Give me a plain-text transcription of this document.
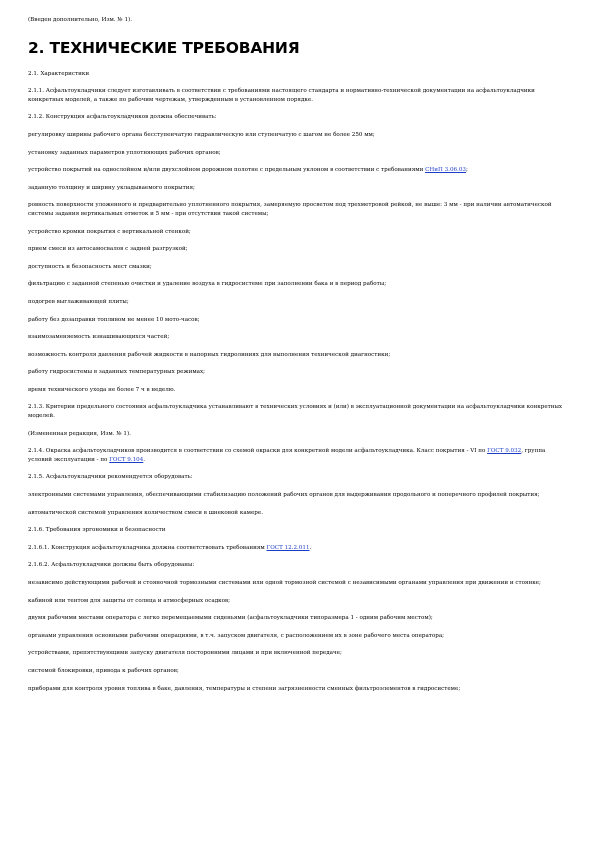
(Введен дополнительно, Изм. № 1).

2. ТЕХНИЧЕСКИЕ ТРЕБОВАНИЯ

2.1. Характеристики

2.1.1. Асфальтоукладчики следует изготавливать в соответствии с требованиями настоящего стандарта и нормативно-технической документации на асфальтоукладчики конкретных моделей, а также по рабочим чертежам, утвержденным в установленном порядке.

2.1.2. Конструкция асфальтоукладчиков должна обеспечивать:

регулировку ширины рабочего органа бесступенчатую гидравлическую или ступенчатую с шагом не более 250 мм;

установку заданных параметров уплотняющих рабочих органов;

устройство покрытий на однослойном и/или двухслойном дорожном полотне с предельным уклоном в соответствии с требованиями СНиП 3.06.03;

заданную толщину и ширину укладываемого покрытия;

ровность поверхности уложенного и предварительно уплотненного покрытия, замеряемую просветом под трехметровой рейкой, не выше: 3 мм - при наличии автоматической системы задания вертикальных отметок и 5 мм - при отсутствии такой системы;

устройство кромки покрытия с вертикальной стенкой;

прием смеси из автосамосвалов с задней разгрузкой;

доступность и безопасность мест смазки;

фильтрацию с заданной степенью очистки и удаление воздуха в гидросистеме при заполнении бака и в период работы;

подогрев выглаживающей плиты;

работу без дозаправки топливом не менее 10 мото-часов;

взаимозаменяемость изнашивающихся частей;

возможность контроля давления рабочей жидкости в напорных гидролиниях для выполнения технической диагностики;

работу гидросистемы в заданных температурных режимах;

время технического ухода не более 7 ч в неделю.

2.1.3. Критерии предельного состояния асфальтоукладчика устанавливают в технических условиях и (или) в эксплуатационной документации на асфальтоукладчики конкретных моделей.

(Измененная редакция, Изм. № 1).

2.1.4. Окраска асфальтоукладчиков производится в соответствии со схемой окраски для конкретной модели асфальтоукладчика. Класс покрытия - VI по ГОСТ 9.032, группа условий эксплуатации - по ГОСТ 9.104.

2.1.5. Асфальтоукладчики рекомендуется оборудовать:

электронными системами управления, обеспечивающими стабилизацию положений рабочих органов для выдерживания продольного и поперечного профилей покрытия;

автоматической системой управления количеством смеси в шнековой камере.

2.1.6. Требования эргономики и безопасности

2.1.6.1. Конструкция асфальтоукладчика должна соответствовать требованиям ГОСТ 12.2.011.

2.1.6.2. Асфальтоукладчики должны быть оборудованы:

независимо действующими рабочей и стояночной тормозными системами или одной тормозной системой с независимыми органами управления при движении и стоянке;

кабиной или тентом для защиты от солнца и атмосферных осадков;

двумя рабочими местами оператора с легко перемещаемыми сиденьями (асфальтоукладчики типоразмера 1 - одним рабочим местом);

органами управления основными рабочими операциями, в т.ч. запуском двигателя, с расположением их в зоне рабочего места оператора;

устройствами, препятствующими запуску двигателя посторонними лицами и при включенной передаче;

системой блокировки, привода к рабочих органов;

приборами для контроля уровня топлива в баке, давления, температуры и степени загрязненности сменных фильтроэлементов в гидросистеме;
